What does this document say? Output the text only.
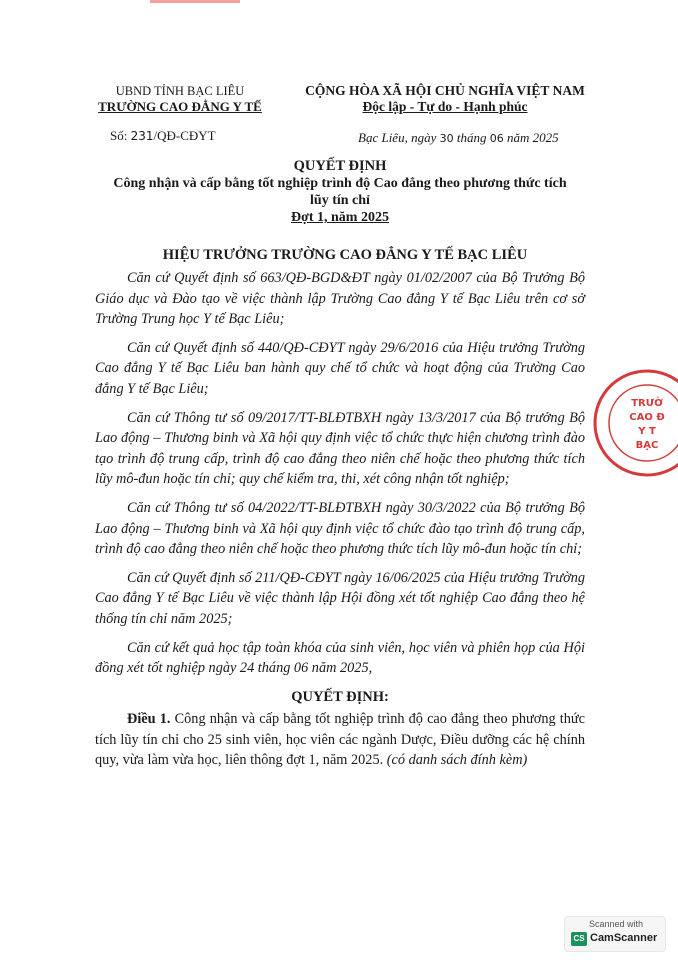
UBND TỈNH BẠC LIÊU
TRƯỜNG CAO ĐẲNG Y TẾ
CỘNG HÒA XÃ HỘI CHỦ NGHĨA VIỆT NAM
Độc lập - Tự do - Hạnh phúc
Số: 231/QĐ-CĐYT	Bạc Liêu, ngày 30 tháng 06 năm 2025
QUYẾT ĐỊNH
Công nhận và cấp bằng tốt nghiệp trình độ Cao đẳng theo phương thức tích
lũy tín chỉ
Đợt 1, năm 2025
HIỆU TRƯỞNG TRƯỜNG CAO ĐẲNG Y TẾ BẠC LIÊU

Căn cứ Quyết định số 663/QĐ-BGD&ĐT ngày 01/02/2007 của Bộ Trưởng Bộ Giáo dục và Đào tạo về việc thành lập Trường Cao đẳng Y tế Bạc Liêu trên cơ sở Trường Trung học Y tế Bạc Liêu;

Căn cứ Quyết định số 440/QĐ-CĐYT ngày 29/6/2016 của Hiệu trưởng Trường Cao đẳng Y tế Bạc Liêu ban hành quy chế tổ chức và hoạt động của Trường Cao đẳng Y tế Bạc Liêu;

Căn cứ Thông tư số 09/2017/TT-BLĐTBXH ngày 13/3/2017 của Bộ trưởng Bộ Lao động – Thương binh và Xã hội quy định việc tổ chức thực hiện chương trình đào tạo trình độ trung cấp, trình độ cao đẳng theo niên chế hoặc theo phương thức tích lũy mô-đun hoặc tín chỉ; quy chế kiểm tra, thi, xét công nhận tốt nghiệp;

Căn cứ Thông tư số 04/2022/TT-BLĐTBXH ngày 30/3/2022 của Bộ trưởng Bộ Lao động – Thương binh và Xã hội quy định việc tổ chức đào tạo trình độ trung cấp, trình độ cao đẳng theo niên chế hoặc theo phương thức tích lũy mô-đun hoặc tín chỉ;

Căn cứ Quyết định số 211/QĐ-CĐYT ngày 16/06/2025 của Hiệu trưởng Trường Cao đẳng Y tế Bạc Liêu về việc thành lập Hội đồng xét tốt nghiệp Cao đẳng theo hệ thống tín chỉ năm 2025;

Căn cứ kết quả học tập toàn khóa của sinh viên, học viên và phiên họp của Hội đồng xét tốt nghiệp ngày 24 tháng 06 năm 2025,

QUYẾT ĐỊNH:
Điều 1. Công nhận và cấp bằng tốt nghiệp trình độ cao đẳng theo phương thức tích lũy tín chỉ cho 25 sinh viên, học viên các ngành Dược, Điều dưỡng các hệ chính quy, vừa làm vừa học, liên thông đợt 1, năm 2025. (có danh sách đính kèm)
TRƯỜ
CAO Đ
Y T
BẠC
Scanned with
CS CamScanner
